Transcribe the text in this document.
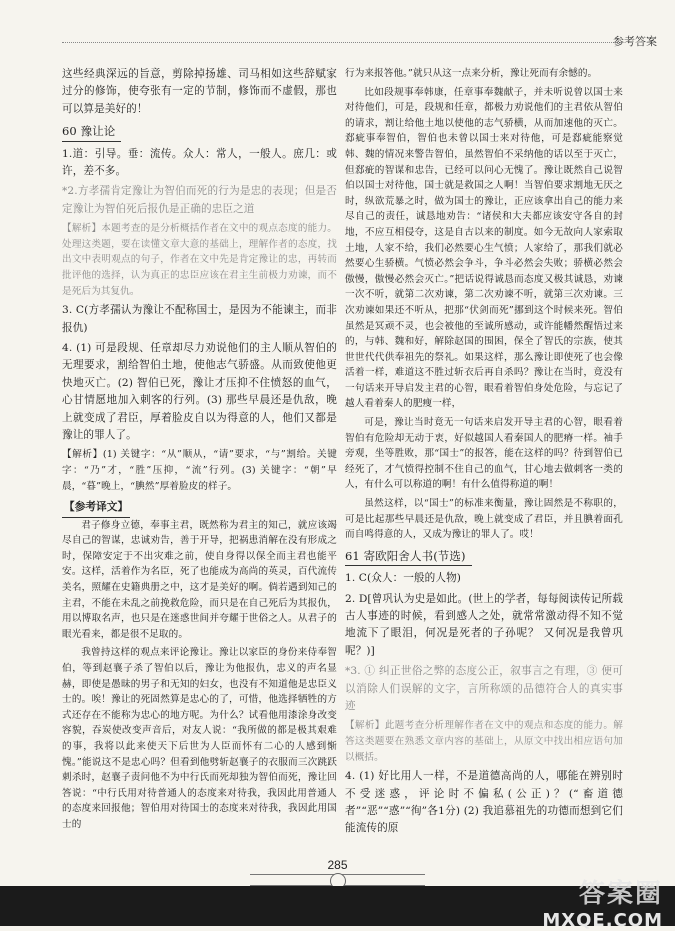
参考答案

这些经典深远的旨意，剪除掉扬雄、司马相如这些辞赋家过分的修饰，使夸张有一定的节制，修饰而不虚假，那也可以算是美好的！

60 豫让论

1.道：引导。垂：流传。众人：常人，一般人。庶几：或许，差不多。

*2.方孝孺肯定豫让为智伯而死的行为是忠的表现；但是否定豫让为智伯死后报仇是正确的忠臣之道

【解析】本题考查的是分析概括作者在文中的观点态度的能力。处理这类题，要在读懂文章大意的基础上，理解作者的态度，找出文中表明观点的句子，作者在文中先是肯定豫让的忠，再转而批评他的选择，认为真正的忠臣应该在君主生前极力劝谏，而不是死后为其复仇。

3. C(方孝孺认为豫让不配称国士，是因为不能谏主，而非报仇)

4. (1) 可是段规、任章却尽力劝说他们的主人顺从智伯的无理要求，割给智伯土地，使他志气骄盛。从而致使他更快地灭亡。(2) 智伯已死，豫让才压抑不住愤怒的血气，心甘情愿地加入刺客的行列。(3) 那些早晨还是仇敌，晚上就变成了君臣，厚着脸皮自以为得意的人，他们又都是豫让的罪人了。

【解析】(1) 关键字：“从”顺从，“请”要求，“与”割给。关键字：“乃”才，“胜”压抑，“流”行列。(3) 关键字：“朝”早晨，“暮”晚上，“腆然”厚着脸皮的样子。

【参考译文】

君子修身立德，奉事主君，既然称为君主的知己，就应该竭尽自己的智谋，忠诚劝告，善于开导，把祸患消解在没有形成之时，保障安定于不出灾难之前，使自身得以保全而主君也能平安。这样，活着作为名臣，死了也能成为高尚的英灵，百代流传美名，照耀在史籍典册之中，这才是美好的啊。倘若遇到知己的主君，不能在未乱之前挽救危险，而只是在自己死后为其报仇，用以博取名声，也只是在迷惑世间并夸耀于世俗之人。从君子的眼光看来，都是很不足取的。

我曾持这样的观点来评论豫让。豫让以家臣的身份来侍奉智伯，等到赵襄子杀了智伯以后，豫让为他报仇，忠义的声名显赫，即使是愚昧的男子和无知的妇女，也没有不知道他是忠臣义士的。唉！豫让的死固然算是忠心的了，可惜，他选择牺牲的方式还存在不能称为忠心的地方呢。为什么？试看他用漆涂身改变容貌，吞炭使改变声音后，对友人说：“我所做的都是极其艰难的事，我将以此来使天下后世为人臣而怀有二心的人感到惭愧。”能说这不是忠心吗？但看到他劈斩赵襄子的衣服而三次跳跃刺杀时，赵襄子责问他不为中行氏而死却独为智伯而死，豫让回答说：“中行氏用对待普通人的态度来对待我，我因此用普通人的态度来回报他；智伯用对待国士的态度来对待我，我因此用国士的

行为来报答他。”就只从这一点来分析，豫让死而有余憾的。

比如段规事奉韩康，任章事奉魏献子，并未听说曾以国士来对待他们，可是，段规和任章，都极力劝说他们的主君依从智伯的请求，割让给他土地以使他的志气骄横，从而加速他的灭亡。郄疵事奉智伯，智伯也未曾以国士来对待他，可是郄疵能察觉韩、魏的情况来警告智伯，虽然智伯不采纳他的话以至于灭亡，但郄疵的智谋和忠告，已经可以问心无愧了。豫让既然自己说智伯以国士对待他，国士就是救国之人啊！当智伯要求割地无厌之时，纵欲荒暴之时，做为国士的豫让，正应该拿出自己的能力来尽自己的责任，诚恳地劝告：“诸侯和大夫都应该安守各自的封地，不应互相侵夺，这是自古以来的制度。如今无故向人家索取土地，人家不给，我们必然要心生气愤；人家给了，那我们就必然要心生骄横。气愤必然会争斗，争斗必然会失败；骄横必然会傲慢，傲慢必然会灭亡。”把话说得诚恳而态度又极其诚恳，劝谏一次不听，就第二次劝谏，第二次劝谏不听，就第三次劝谏。三次劝谏如果还不听从，把那“伏剑而死”挪到这个时候来死。智伯虽然是冥顽不灵，也会被他的至诚所感动，或许能幡然醒悟过来的，与韩、魏和好，解除赵国的围困，保全了智氏的宗族，使其世世代代供奉祖先的祭礼。如果这样，那么豫让即使死了也会像活着一样，难道这不胜过斩衣后再自杀吗？豫让在当时，竟没有一句话来开导启发主君的心智，眼看着智伯身处危险，与忘记了越人看着秦人的肥瘦一样，

可是，豫让当时竟无一句话来启发开导主君的心智，眼看着智伯有危险却无动于衷，好似越国人看秦国人的肥瘠一样。袖手旁观，坐等胜败，那“国士”的报答，能在这样的吗？待到智伯已经死了，才气愤得控制不住自己的血气，甘心地去做刺客一类的人，有什么可以称道的啊！有什么值得称道的啊！

虽然这样，以“国士”的标准来衡量，豫让固然是不称职的，可是比起那些早晨还是仇敌，晚上就变成了君臣，并且腆着面孔而自鸣得意的人，又成为豫让的罪人了。哎！

61 寄欧阳舍人书(节选)

1. C(众人：一般的人物)

2. D[曾巩认为史是如此。(世上的学者，每每阅读传记所载古人事迹的时候，看到感人之处，就常常激动得不知不觉地流下了眼泪，何况是死者的子孙呢？ 又何况是我曾巩呢？)]

*3. ① 纠正世俗之弊的态度公正，叙事言之有理，③ 便可以消除人们误解的文字，言所称颂的品德符合人的真实事迹

【解析】此题考查分析理解作者在文中的观点和态度的能力。解答这类题要在熟悉文章内容的基础上，从原文中找出相应语句加以概括。

4. (1) 好比用人一样，不是道德高尚的人，哪能在辨别时不受迷惑，评论时不偏私(公正)？(“畜道德者”“恶”“惑”“徇”各1分) (2) 我追慕祖先的功德而想到它们能流传的原

285
答案圈
MXQE.COM
